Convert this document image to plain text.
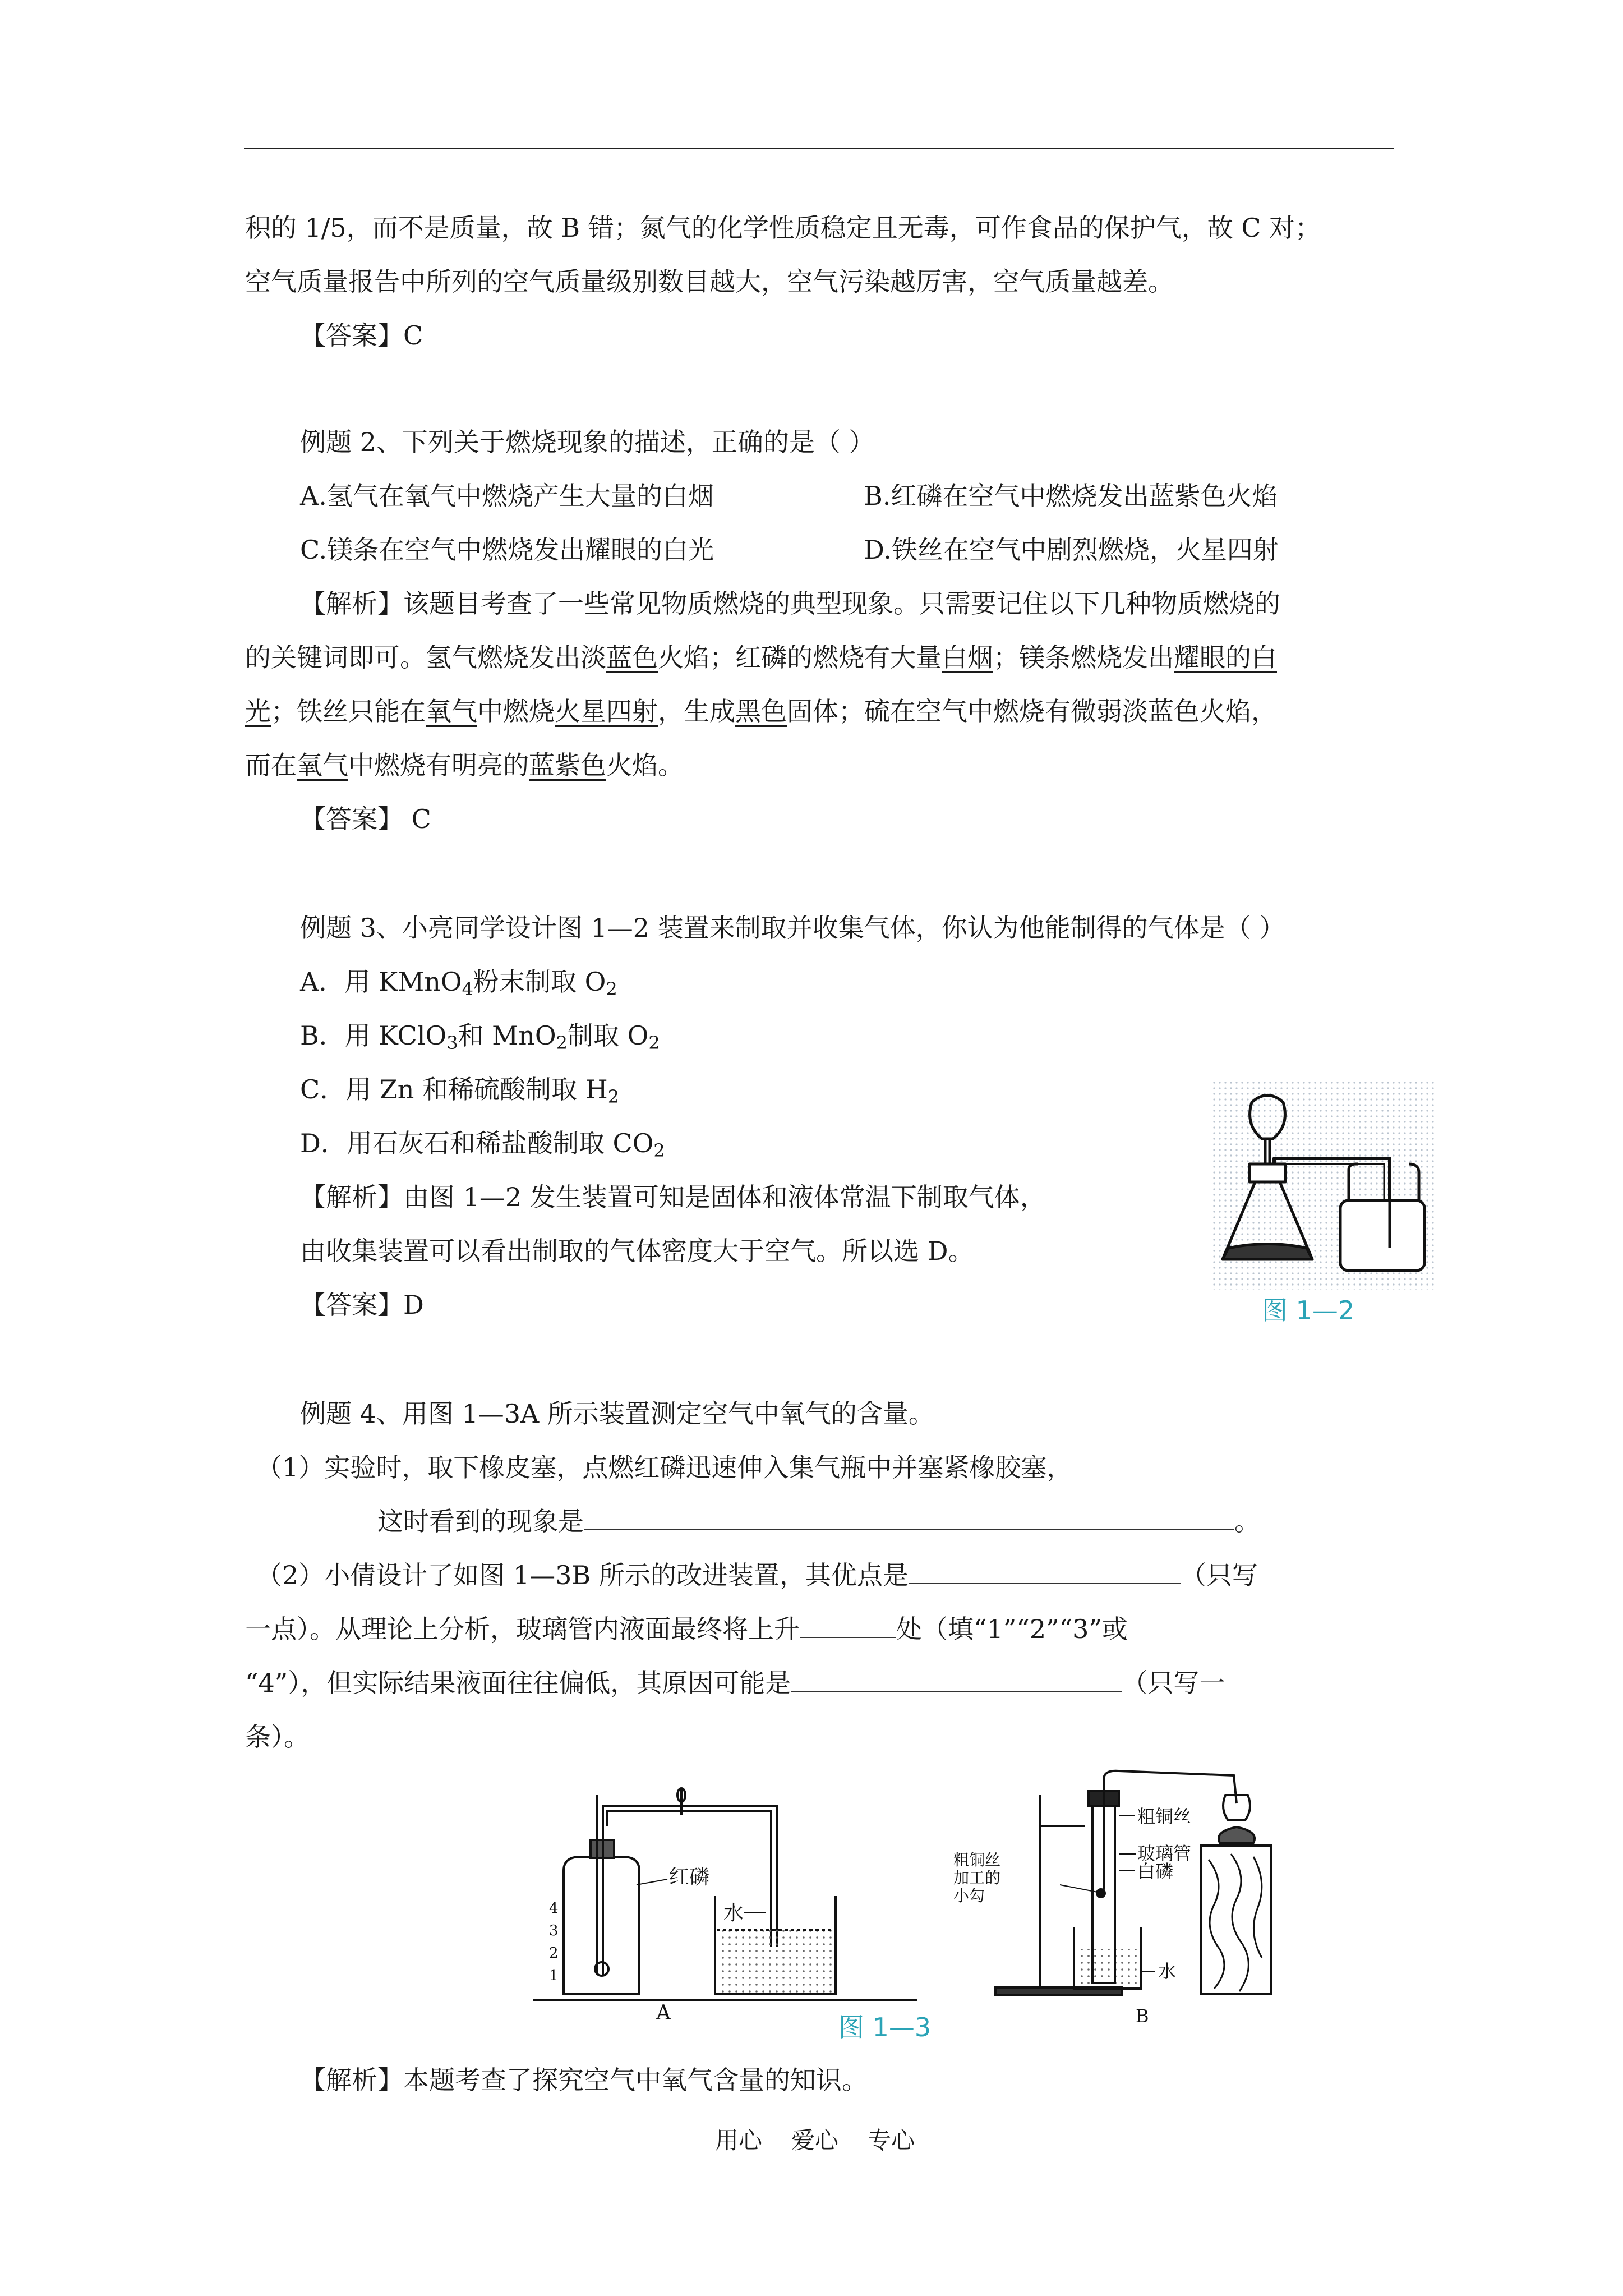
积的 1/5，而不是质量，故 B 错；氮气的化学性质稳定且无毒，可作食品的保护气，故 C 对；
空气质量报告中所列的空气质量级别数目越大，空气污染越厉害，空气质量越差。
【答案】C
例题 2、下列关于燃烧现象的描述，正确的是（ ）
A.氢气在氧气中燃烧产生大量的白烟	B.红磷在空气中燃烧发出蓝紫色火焰
C.镁条在空气中燃烧发出耀眼的白光	D.铁丝在空气中剧烈燃烧，火星四射
【解析】该题目考查了一些常见物质燃烧的典型现象。只需要记住以下几种物质燃烧的
的关键词即可。氢气燃烧发出淡蓝色火焰；红磷的燃烧有大量白烟；镁条燃烧发出耀眼的白
光；铁丝只能在氧气中燃烧火星四射，生成黑色固体；硫在空气中燃烧有微弱淡蓝色火焰，
而在氧气中燃烧有明亮的蓝紫色火焰。
【答案】 C
例题 3、小亮同学设计图 1—2 装置来制取并收集气体，你认为他能制得的气体是（ ）
A．用 KMnO$_4$粉末制取 $O_2$
B．用 KClO$_3$和 MnO$_2$制取 $O_2$
C．用 Zn 和稀硫酸制取 $H_2$
D．用石灰石和稀盐酸制取 $CO_2$
【解析】由图 1—2 发生装置可知是固体和液体常温下制取气体，
由收集装置可以看出制取的气体密度大于空气。所以选 D。
【答案】D	图 1—2
例题 4、用图 1—3A 所示装置测定空气中氧气的含量。
（1）实验时，取下橡皮塞，点燃红磷迅速伸入集气瓶中并塞紧橡胶塞，
这时看到的现象是	。
（2）小倩设计了如图 1—3B 所示的改进装置，其优点是	（只写
一点）。从理论上分析，玻璃管内液面最终将上升	处（填“1”“2”“3”或
“4”），但实际结果液面往往偏低，其原因可能是	（只写一
条）。
4
3
2
1
红磷
水
A
粗铜丝
玻璃管
白磷
水
B
粗铜丝
加工的
小勾
图 1—3
【解析】本题考查了探究空气中氧气含量的知识。
用心 爱心 专心
